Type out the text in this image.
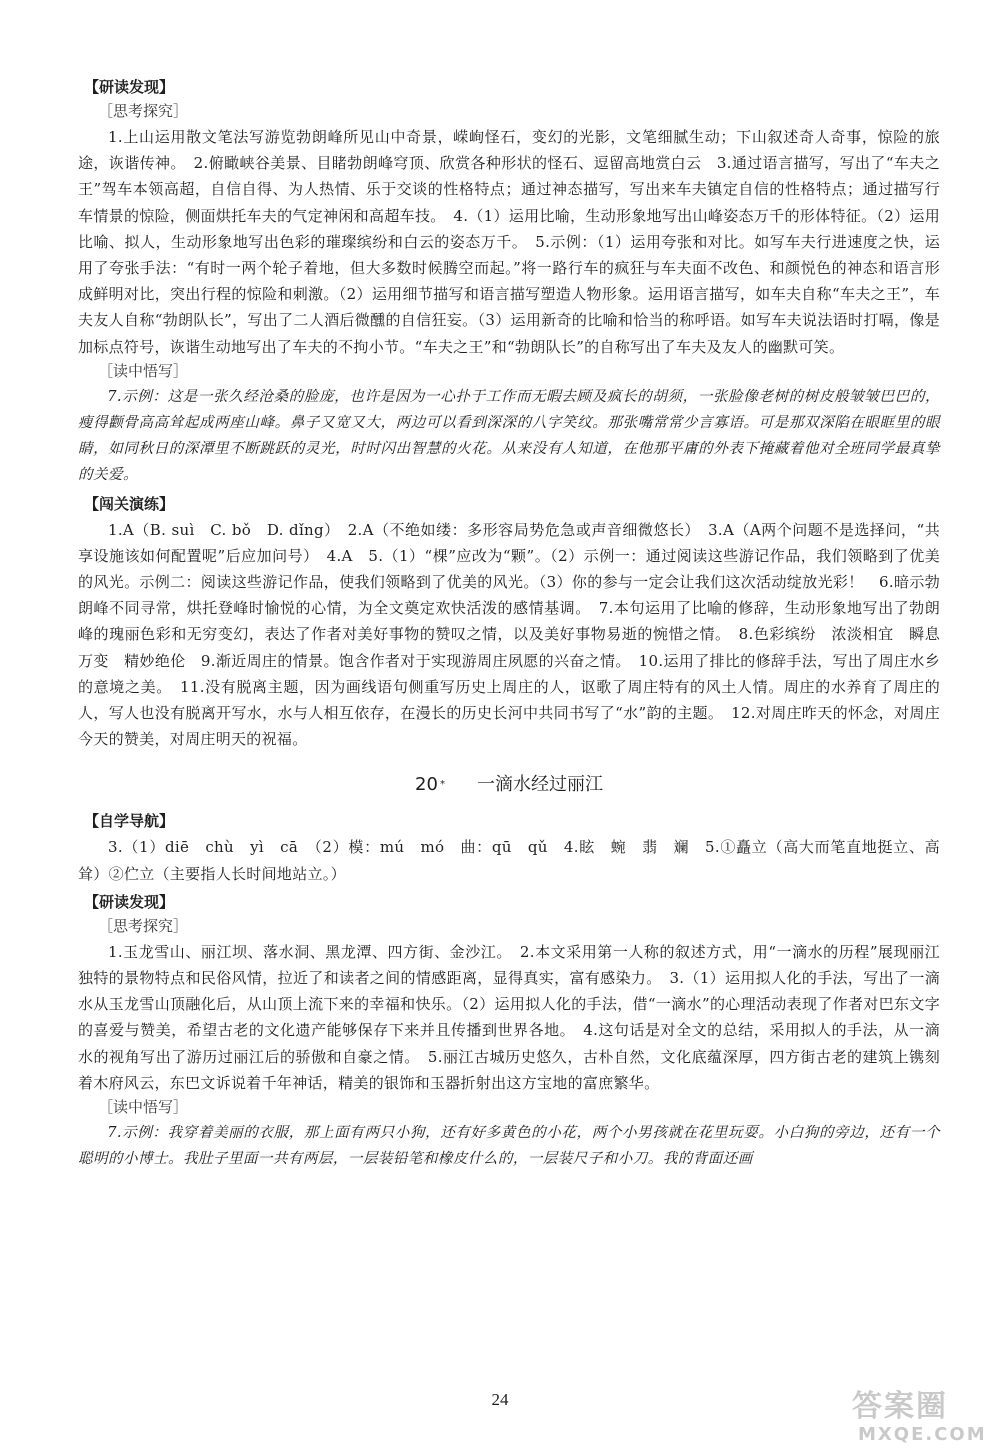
【研读发现】
［思考探究］

1.上山运用散文笔法写游览勃朗峰所见山中奇景，嵘峋怪石，变幻的光影，文笔细腻生动；下山叙述奇人奇事，惊险的旅途，诙谐传神。　2.俯瞰峡谷美景、目睹勃朗峰穹顶、欣赏各种形状的怪石、逗留高地赏白云　3.通过语言描写，写出了“车夫之王”驾车本领高超，自信自得、为人热情、乐于交谈的性格特点；通过神态描写，写出来车夫镇定自信的性格特点；通过描写行车情景的惊险，侧面烘托车夫的气定神闲和高超车技。　4.（1）运用比喻，生动形象地写出山峰姿态万千的形体特征。（2）运用比喻、拟人，生动形象地写出色彩的璀璨缤纷和白云的姿态万千。　5.示例：（1）运用夸张和对比。如写车夫行进速度之快，运用了夸张手法：“有时一两个轮子着地，但大多数时候腾空而起。”将一路行车的疯狂与车夫面不改色、和颜悦色的神态和语言形成鲜明对比，突出行程的惊险和刺激。（2）运用细节描写和语言描写塑造人物形象。运用语言描写，如车夫自称“车夫之王”，车夫友人自称“勃朗队长”，写出了二人酒后微醺的自信狂妄。（3）运用新奇的比喻和恰当的称呼语。如写车夫说法语时打嗝，像是加标点符号，诙谐生动地写出了车夫的不拘小节。“车夫之王”和“勃朗队长”的自称写出了车夫及友人的幽默可笑。

［读中悟写］

7.示例：这是一张久经沧桑的脸庞，也许是因为一心扑于工作而无暇去顾及疯长的胡须，一张脸像老树的树皮般皱皱巴巴的，瘦得颧骨高高耸起成两座山峰。鼻子又宽又大，两边可以看到深深的八字笑纹。那张嘴常常少言寡语。可是那双深陷在眼眶里的眼睛，如同秋日的深潭里不断跳跃的灵光，时时闪出智慧的火花。从来没有人知道，在他那平庸的外表下掩藏着他对全班同学最真挚的关爱。

【闯关演练】

1.A（B. suì　C. bǒ　D. dǐng）　2.A（不绝如缕：多形容局势危急或声音细微悠长）　3.A（A两个问题不是选择问，“共享设施该如何配置呢”后应加问号）　4.A　5.（1）“棵”应改为“颗”。（2）示例一：通过阅读这些游记作品，我们领略到了优美的风光。示例二：阅读这些游记作品，使我们领略到了优美的风光。（3）你的参与一定会让我们这次活动绽放光彩！　6.暗示勃朗峰不同寻常，烘托登峰时愉悦的心情，为全文奠定欢快活泼的感情基调。　7.本句运用了比喻的修辞，生动形象地写出了勃朗峰的瑰丽色彩和无穷变幻，表达了作者对美好事物的赞叹之情，以及美好事物易逝的惋惜之情。　8.色彩缤纷　浓淡相宜　瞬息万变　精妙绝伦　9.渐近周庄的情景。饱含作者对于实现游周庄夙愿的兴奋之情。　10.运用了排比的修辞手法，写出了周庄水乡的意境之美。　11.没有脱离主题，因为画线语句侧重写历史上周庄的人，讴歌了周庄特有的风土人情。周庄的水养育了周庄的人，写人也没有脱离开写水，水与人相互依存，在漫长的历史长河中共同书写了“水”韵的主题。　12.对周庄昨天的怀念，对周庄今天的赞美，对周庄明天的祝福。

20 * 一滴水经过丽江
【自学导航】

3.（1）diē　chù　yì　cā　（2）模：mú　mó　曲：qū　qǔ　4.眩　蜿　翡　斓　5.①矗立（高大而笔直地挺立、高耸）②伫立（主要指人长时间地站立。）

【研读发现】
［思考探究］

1.玉龙雪山、丽江坝、落水洞、黑龙潭、四方街、金沙江。　2.本文采用第一人称的叙述方式，用“一滴水的历程”展现丽江独特的景物特点和民俗风情，拉近了和读者之间的情感距离，显得真实，富有感染力。　3.（1）运用拟人化的手法，写出了一滴水从玉龙雪山顶融化后，从山顶上流下来的幸福和快乐。（2）运用拟人化的手法，借“一滴水”的心理活动表现了作者对巴东文字的喜爱与赞美，希望古老的文化遗产能够保存下来并且传播到世界各地。　4.这句话是对全文的总结，采用拟人的手法，从一滴水的视角写出了游历过丽江后的骄傲和自豪之情。　5.丽江古城历史悠久，古朴自然，文化底蕴深厚，四方街古老的建筑上镌刻着木府风云，东巴文诉说着千年神话，精美的银饰和玉器折射出这方宝地的富庶繁华。

［读中悟写］

7.示例：我穿着美丽的衣服，那上面有两只小狗，还有好多黄色的小花，两个小男孩就在花里玩耍。小白狗的旁边，还有一个聪明的小博士。我肚子里面一共有两层，一层装铅笔和橡皮什么的，一层装尺子和小刀。我的背面还画

24	答案圈
MXQE.COM
